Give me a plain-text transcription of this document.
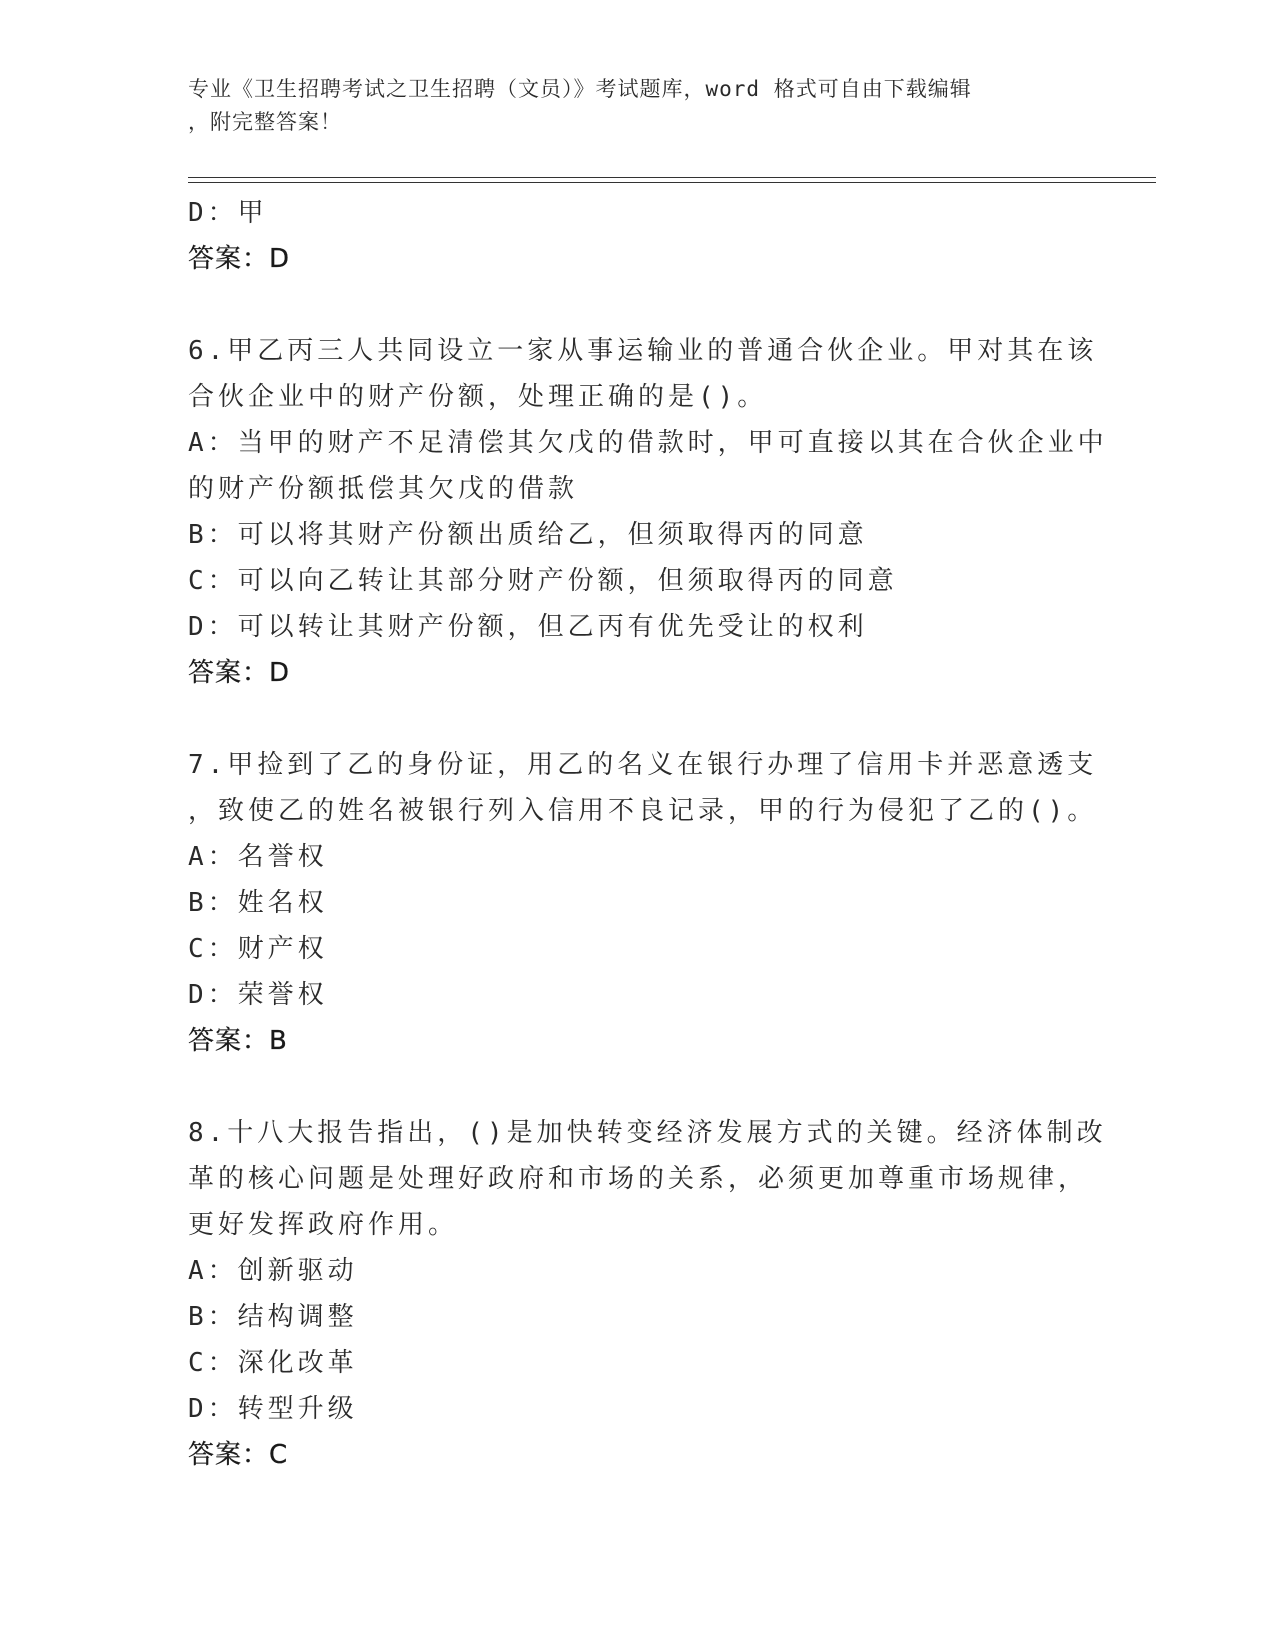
专业《卫生招聘考试之卫生招聘（文员）》考试题库，word 格式可自由下载编辑
，附完整答案！
D：甲
答案：D
6.甲乙丙三人共同设立一家从事运输业的普通合伙企业。甲对其在该
合伙企业中的财产份额，处理正确的是()。
A：当甲的财产不足清偿其欠戊的借款时，甲可直接以其在合伙企业中
的财产份额抵偿其欠戊的借款
B：可以将其财产份额出质给乙，但须取得丙的同意
C：可以向乙转让其部分财产份额，但须取得丙的同意
D：可以转让其财产份额，但乙丙有优先受让的权利
答案：D
7.甲捡到了乙的身份证，用乙的名义在银行办理了信用卡并恶意透支
，致使乙的姓名被银行列入信用不良记录，甲的行为侵犯了乙的()。
A：名誉权
B：姓名权
C：财产权
D：荣誉权
答案：B
8.十八大报告指出，()是加快转变经济发展方式的关键。经济体制改
革的核心问题是处理好政府和市场的关系，必须更加尊重市场规律，
更好发挥政府作用。
A：创新驱动
B：结构调整
C：深化改革
D：转型升级
答案：C
